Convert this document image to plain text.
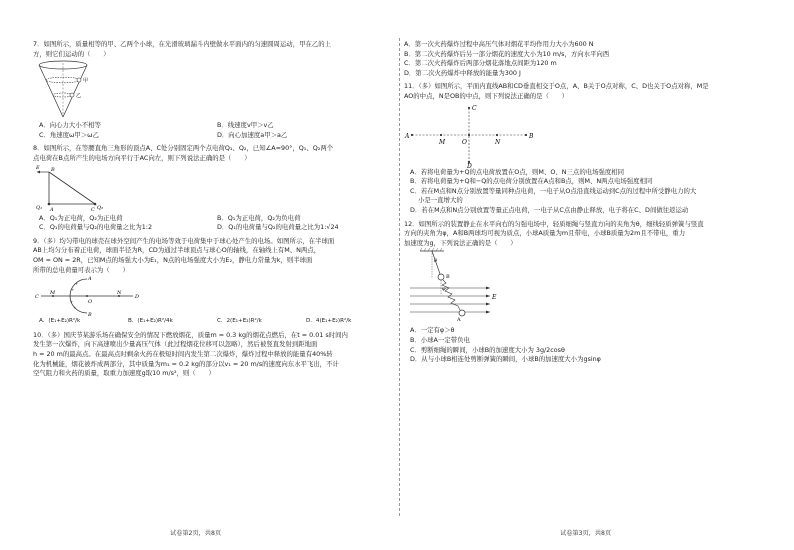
7．如图所示，质量相等的甲、乙两个小球，在光滑玻璃漏斗内壁做水平面内的匀速圆周运动，甲在乙的上
方，则它们运动的（　　）
甲
乙
A．向心力大小不相等	B．线速度v甲＞v乙
C．角速度ω甲＞ω乙	D．向心加速度a甲＞a乙
8．如图所示，在等腰直角三角形的顶点A、C处分别固定两个点电荷Q₁、Q₂，已知∠A=90°，Q₁、Q₂两个
点电荷在B点所产生的电场方向平行于AC向左，则下列说法正确的是（　　）
E B
Q₁ A	C Q₂
A．Q₁为正电荷，Q₂为正电荷	B．Q₁为正电荷，Q₂为负电荷
C．Q₁的电荷量与Q₂的电荷量之比为1:2	D．Q₁的电荷量与Q₂的电荷量之比为1:√24
9．（多）均匀带电的球壳在球外空间产生的电场等效于电荷集中于球心处产生的电场。如图所示，在半球面
AB上均匀分布着正电荷，球面半径为R，CD为通过半球顶点与球心O的轴线，在轴线上有M、N两点，
OM = ON = 2R，已知M点的场强大小为E₁，N点的电场强度大小为E₂，静电力常量为k，则半球面
所带的总电荷量可表示为（　　）
+
+
+
+
C
M
O
N
D
A
B
A．(E₁+E₂)R²/k	B．(E₁+E₂)R²/4k	C．2(E₁+E₂)R²/k	D．4(E₁+E₂)R²/k
10．（多）国庆节某游乐场在确保安全的情况下燃放烟花，质量m = 0.3 kg的烟花点燃后，在t = 0.01 s时间内
发生第一次爆炸，向下高速喷出少量高压气体（此过程烟花位移可以忽略），然后被竖直发射到距地面
h = 20 m的最高点。在最高点时剩余火药在极短时间内发生第二次爆炸，爆炸过程中释放的能量有40%转
化为机械能，烟花被炸成两部分，其中质量为m₁ = 0.2 kg的部分以v₁ = 20 m/s的速度向东水平飞出，不计
空气阻力和火药的质量，取重力加速度g取10 m/s²，则（　　）
A．第一次火药爆炸过程中高压气体对烟花平均作用力大小为600 N
B．第二次火药爆炸后另一部分烟花的速度大小为10 m/s，方向水平向西
C．第二次火药爆炸后两部分烟花落地点间距为120 m
D．第二次火药爆炸中释放的能量为300 J
11．（多）如图所示，平面内直线AB和CD垂直相交于O点，A、B关于O点对称，C、D也关于O点对称，M是
AO的中点，N是OB的中点，则下列说法正确的是（　　）
A
M	O	N
B
C
D
A．若将电荷量为+Q的点电荷放置在O点，则M、O、N三点的电场强度相同
B．若将电荷量为+Q和−Q的点电荷分别放置在A点和B点，则M、N两点电场强度相同
C．若在M点和N点分别放置等量同种点电荷，一电子从O点沿直线运动到C点的过程中所受静电力的大
小是一直增大的
D．若在M点和N点分别放置等量正点电荷，一电子从C点由静止释放，电子将在C、D间做往返运动
12．如图所示的装置静止在水平向右的匀强电场中，轻质细绳与竖直方向的夹角为θ，细线轻质弹簧与竖直
方向的夹角为φ，A和B两球均可视为质点，小球A质量为m且带电，小球B质量为2m且不带电，重力
加速度为g，下列说法正确的是（　　）
θ
B
φ
E
A
A．一定有φ＞θ
B．小球A一定带负电
C．剪断细绳的瞬间，小球B的加速度大小为 3g/2cosθ
D．从与小球B相连处剪断弹簧的瞬间，小球B的加速度大小为gsinφ
试卷第2页，共8页	试卷第3页，共8页
